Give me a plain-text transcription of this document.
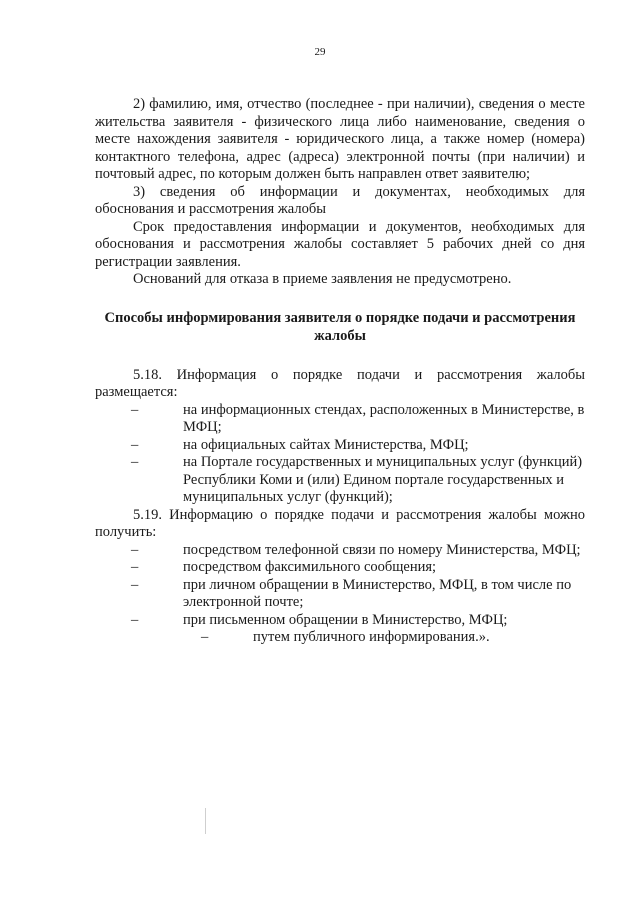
29

2) фамилию, имя, отчество (последнее - при наличии), сведения о месте жительства заявителя - физического лица либо наименование, сведения о месте нахождения заявителя - юридического лица, а также номер (номера) контактного телефона, адрес (адреса) электронной почты (при наличии) и почтовый адрес, по которым должен быть направлен ответ заявителю;

3) сведения об информации и документах, необходимых для обоснования и рассмотрения жалобы

Срок предоставления информации и документов, необходимых для обоснования и рассмотрения жалобы составляет 5 рабочих дней со дня регистрации заявления.

Оснований для отказа в приеме заявления не предусмотрено.

Способы информирования заявителя о порядке подачи и рассмотрения жалобы

5.18. Информация о порядке подачи и рассмотрения жалобы размещается:

–	на информационных стендах, расположенных в Министерстве, в МФЦ;
–	на официальных сайтах Министерства, МФЦ;
–	на Портале государственных и муниципальных услуг (функций) Республики Коми и (или) Едином портале государственных и муниципальных услуг (функций);

5.19. Информацию о порядке подачи и рассмотрения жалобы можно получить:

–	посредством телефонной связи по номеру Министерства, МФЦ;
–	посредством факсимильного сообщения;
–	при личном обращении в Министерство, МФЦ, в том числе по электронной почте;
–	при письменном обращении в Министерство, МФЦ;
–	путем публичного информирования.».
